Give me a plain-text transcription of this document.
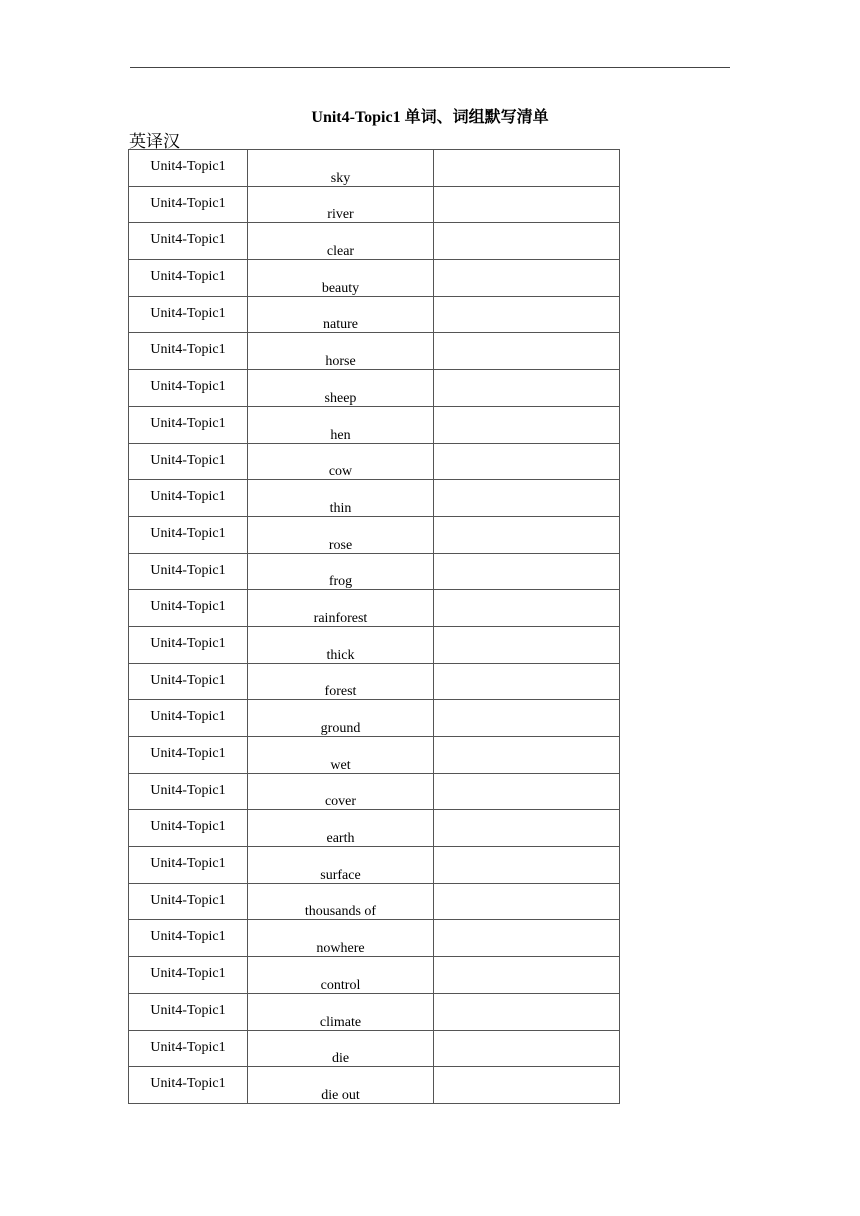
Unit4-Topic1 单词、词组默写清单
英译汉
Unit4-Topic1	sky	

Unit4-Topic1	river	

Unit4-Topic1	clear	

Unit4-Topic1	beauty	

Unit4-Topic1	nature	

Unit4-Topic1	horse	

Unit4-Topic1	sheep	

Unit4-Topic1	hen	

Unit4-Topic1	cow	

Unit4-Topic1	thin	

Unit4-Topic1	rose	

Unit4-Topic1	frog	

Unit4-Topic1	rainforest	

Unit4-Topic1	thick	

Unit4-Topic1	forest	

Unit4-Topic1	ground	

Unit4-Topic1	wet	

Unit4-Topic1	cover	

Unit4-Topic1	earth	

Unit4-Topic1	surface	

Unit4-Topic1	thousands of	

Unit4-Topic1	nowhere	

Unit4-Topic1	control	

Unit4-Topic1	climate	

Unit4-Topic1	die	

Unit4-Topic1	die out	
